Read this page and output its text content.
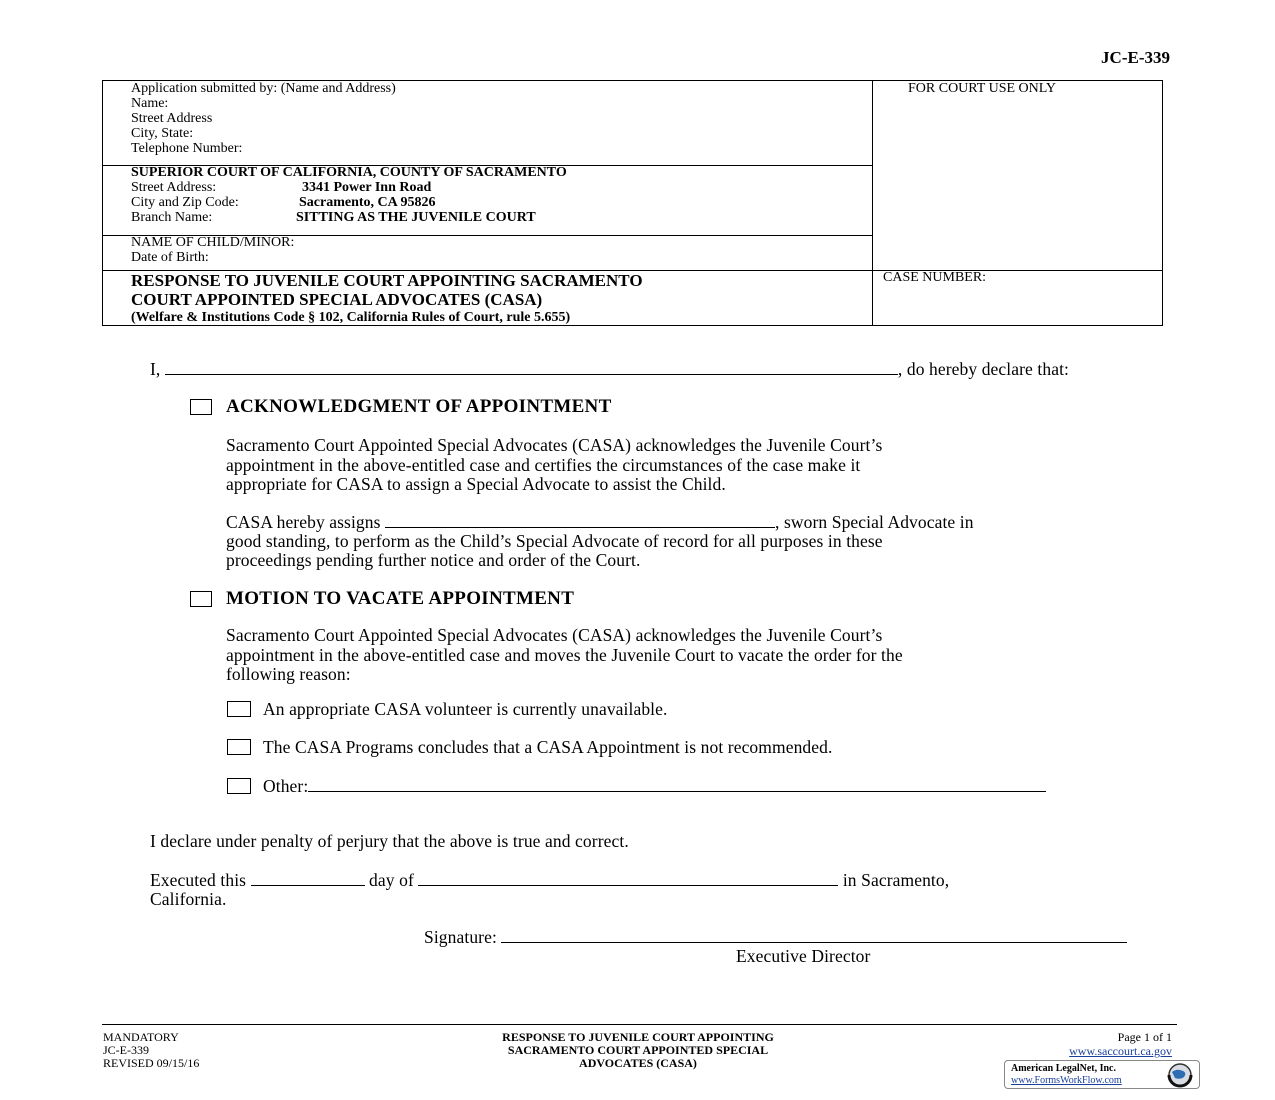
JC-E-339
Application submitted by: (Name and Address)
Name:
Street Address
City, State:
Telephone Number:
FOR COURT USE ONLY
SUPERIOR COURT OF CALIFORNIA, COUNTY OF SACRAMENTO
Street Address:	3341 Power Inn Road
City and Zip Code:	Sacramento, CA 95826
Branch Name:	SITTING AS THE JUVENILE COURT
NAME OF CHILD/MINOR:
Date of Birth:
RESPONSE TO JUVENILE COURT APPOINTING SACRAMENTO
COURT APPOINTED SPECIAL ADVOCATES (CASA)
(Welfare & Institutions Code § 102, California Rules of Court, rule 5.655)
CASE NUMBER:
I,	, do hereby declare that:
ACKNOWLEDGMENT OF APPOINTMENT
Sacramento Court Appointed Special Advocates (CASA) acknowledges the Juvenile Court’s
appointment in the above-entitled case and certifies the circumstances of the case make it
appropriate for CASA to assign a Special Advocate to assist the Child.
CASA hereby assigns	, sworn Special Advocate in
good standing, to perform as the Child’s Special Advocate of record for all purposes in these
proceedings pending further notice and order of the Court.
MOTION TO VACATE APPOINTMENT
Sacramento Court Appointed Special Advocates (CASA) acknowledges the Juvenile Court’s
appointment in the above-entitled case and moves the Juvenile Court to vacate the order for the
following reason:
An appropriate CASA volunteer is currently unavailable.
The CASA Programs concludes that a CASA Appointment is not recommended.
Other:
I declare under penalty of perjury that the above is true and correct.
Executed this	day of	in Sacramento,
California.
Signature:
Executive Director
MANDATORY
JC-E-339
REVISED 09/15/16
RESPONSE TO JUVENILE COURT APPOINTING
SACRAMENTO COURT APPOINTED SPECIAL
ADVOCATES (CASA)
Page 1 of 1
www.saccourt.ca.gov
American LegalNet, Inc.
www.FormsWorkFlow.com
